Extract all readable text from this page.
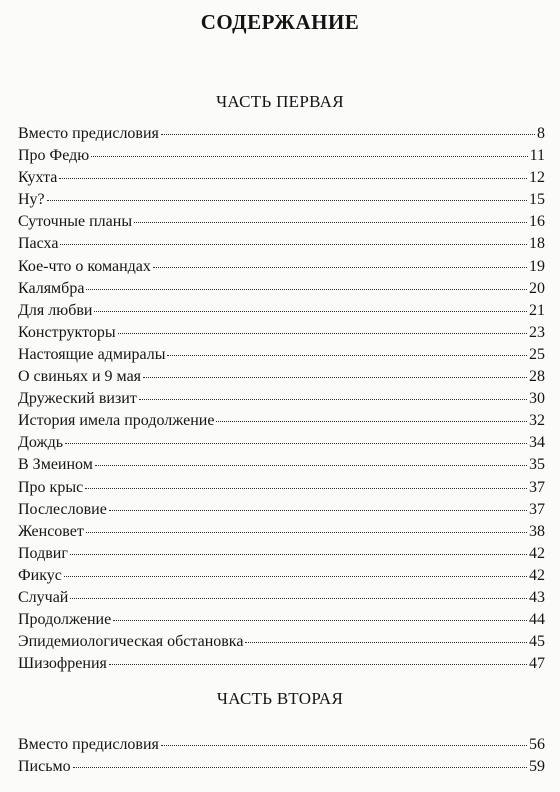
СОДЕРЖАНИЕ
ЧАСТЬ ПЕРВАЯ
Вместо предисловия	8
Про Федю	11
Кухта	12
Ну?	15
Суточные планы	16
Пасха	18
Кое-что о командах	19
Калямбра	20
Для любви	21
Конструкторы	23
Настоящие адмиралы	25
О свиньях и 9 мая	28
Дружеский визит	30
История имела продолжение	32
Дождь	34
В Змеином	35
Про крыс	37
Послесловие	37
Женсовет	38
Подвиг	42
Фикус	42
Случай	43
Продолжение	44
Эпидемиологическая обстановка	45
Шизофрения	47
ЧАСТЬ ВТОРАЯ
Вместо предисловия	56
Письмо	59
